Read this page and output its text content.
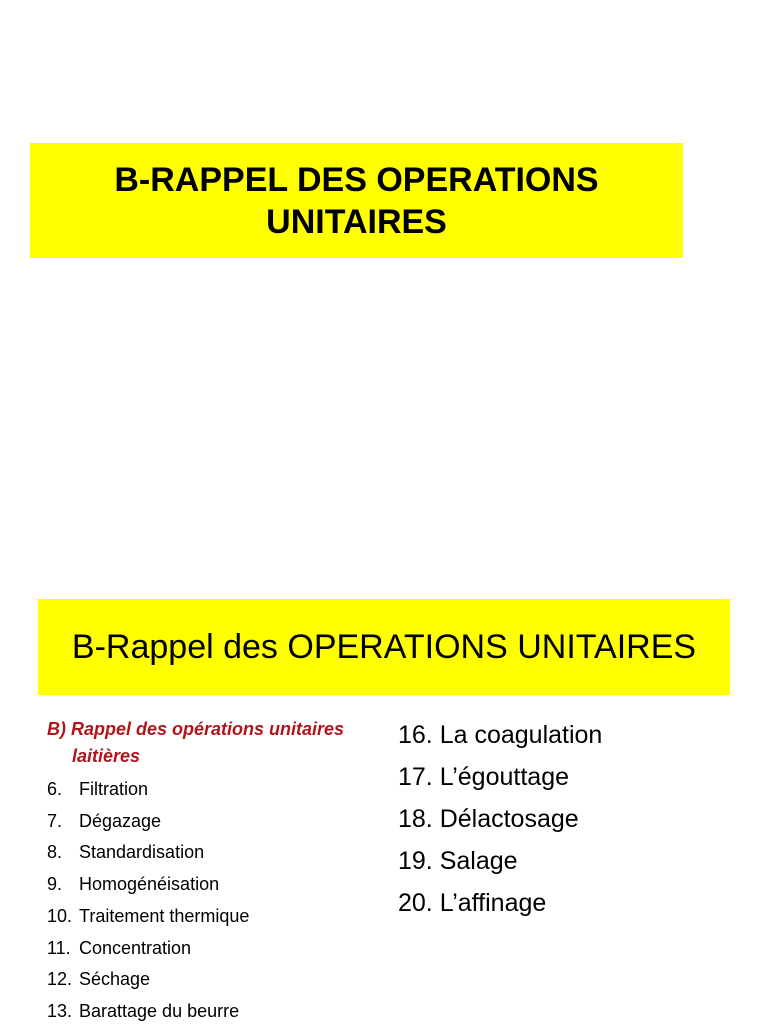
B-RAPPEL DES OPERATIONS
UNITAIRES
B-Rappel des OPERATIONS UNITAIRES
B) Rappel des opérations unitaires
laitières
6. Filtration
7. Dégazage
8. Standardisation
9. Homogénéisation
10. Traitement thermique
11. Concentration
12. Séchage
13. Barattage du beurre
16. La coagulation
17. L’égouttage
18. Délactosage
19. Salage
20. L’affinage
